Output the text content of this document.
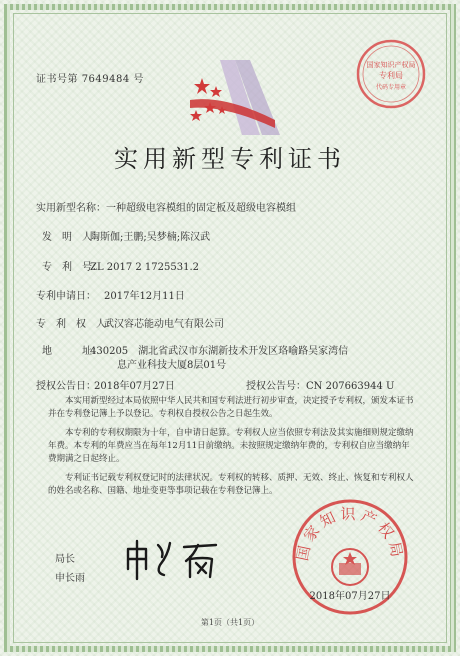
证书号第 7649484 号
国家知识产权局
专利局
代码专用章
实用新型专利证书
实用新型名称：一种超级电容模组的固定板及超级电容模组
发　明　人：陶斯伽;王鹏;吴梦楠;陈汉武
专　利　号：ZL 2017 2 1725531.2
专利申请日： 2017年12月11日
专　利　权　人：武汉容芯能动电气有限公司
地　　　址：430205　湖北省武汉市东湖新技术开发区珞喻路吴家湾信
息产业科技大厦8层01号
授权公告日：2018年07月27日	授权公告号：CN 207663944 U

本实用新型经过本局依照中华人民共和国专利法进行初步审查，决定授予专利权，颁发本证书并在专利登记簿上予以登记。专利权自授权公告之日起生效。

本专利的专利权期限为十年，自申请日起算。专利权人应当依照专利法及其实施细则规定缴纳年费。本专利的年费应当在每年12月11日前缴纳。未按照规定缴纳年费的，专利权自应当缴纳年费期满之日起终止。

专利证书记载专利权登记时的法律状况。专利权的转移、质押、无效、终止、恢复和专利权人的姓名或名称、国籍、地址变更等事项记载在专利登记簿上。

局长
申长雨
国家知识产权局
2018年07月27日
第1页（共1页）
